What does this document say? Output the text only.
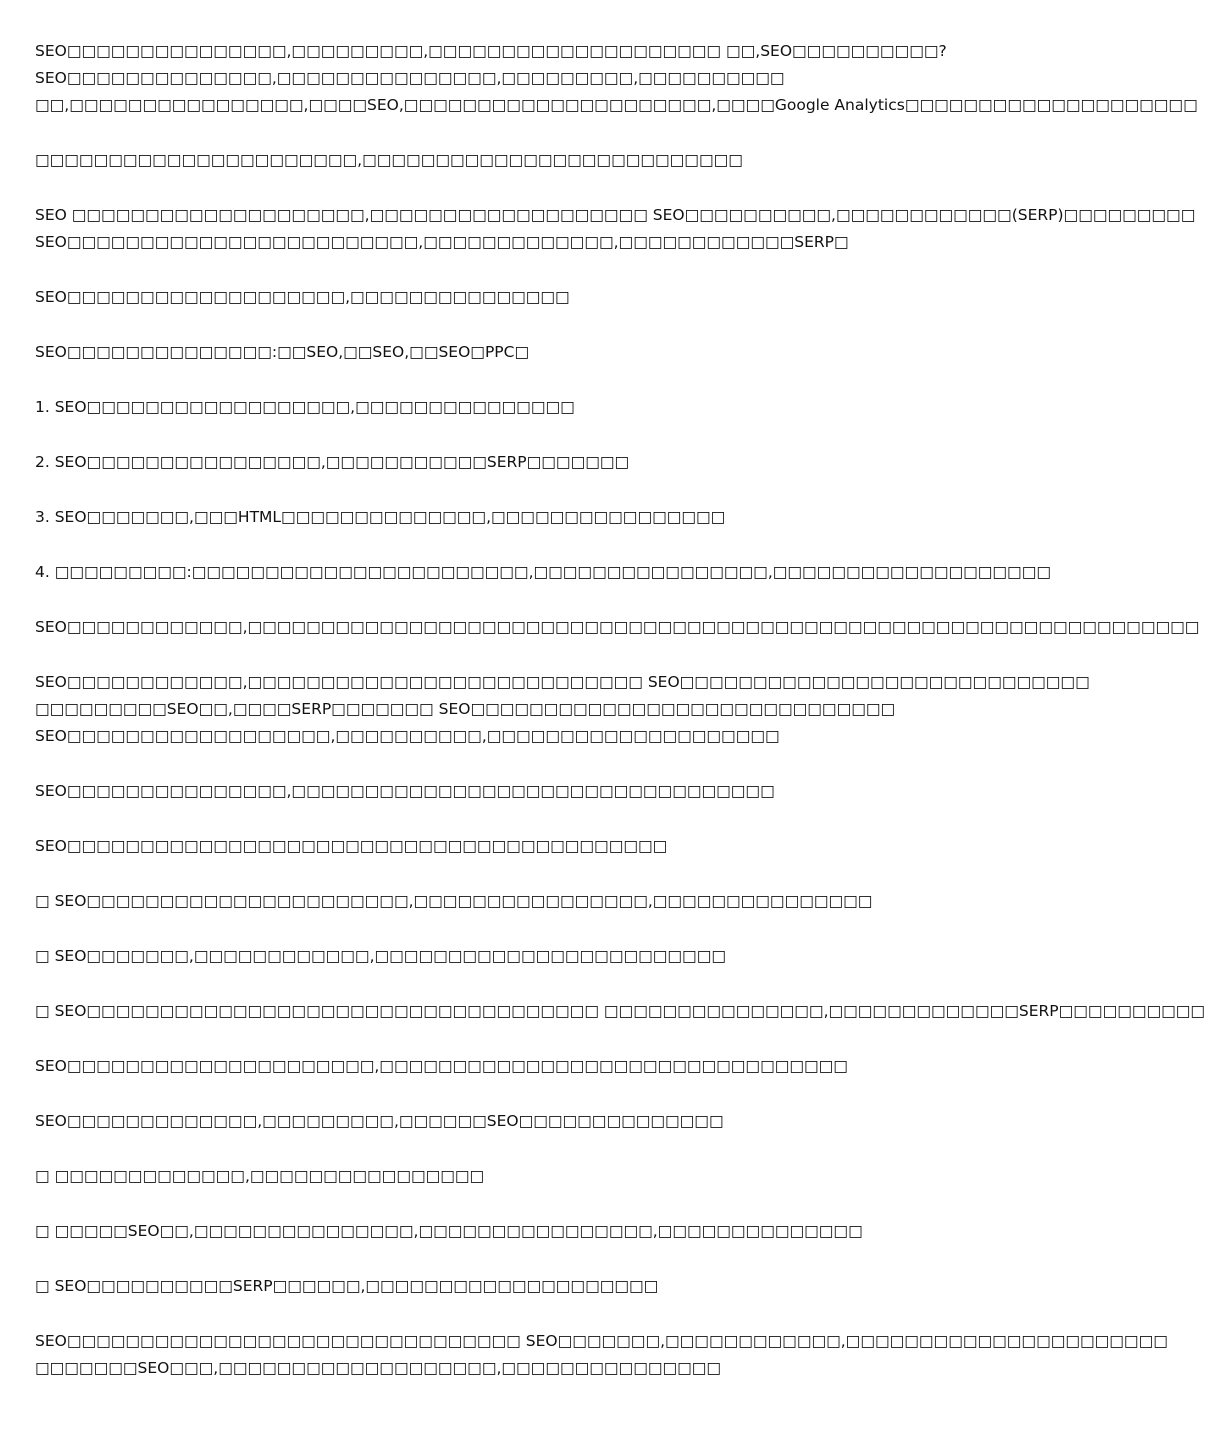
SEO□□□□□□□□□□□□□□□,□□□□□□□□□,□□□□□□□□□□□□□□□□□□□□ □□,SEO□□□□□□□□□□?
SEO□□□□□□□□□□□□□□,□□□□□□□□□□□□□□□,□□□□□□□□□,□□□□□□□□□□
□□,□□□□□□□□□□□□□□□□,□□□□SEO,□□□□□□□□□□□□□□□□□□□□□,□□□□Google Analytics□□□□□□□□□□□□□□□□□□□□

□□□□□□□□□□□□□□□□□□□□□□,□□□□□□□□□□□□□□□□□□□□□□□□□□

SEO □□□□□□□□□□□□□□□□□□□□,□□□□□□□□□□□□□□□□□□□ SEO□□□□□□□□□□,□□□□□□□□□□□□(SERP)□□□□□□□□□
SEO□□□□□□□□□□□□□□□□□□□□□□□□,□□□□□□□□□□□□□,□□□□□□□□□□□□SERP□

SEO□□□□□□□□□□□□□□□□□□□,□□□□□□□□□□□□□□□

SEO□□□□□□□□□□□□□□:□□SEO,□□SEO,□□SEO□PPC□

1. SEO□□□□□□□□□□□□□□□□□□,□□□□□□□□□□□□□□□

2. SEO□□□□□□□□□□□□□□□□,□□□□□□□□□□□SERP□□□□□□□

3. SEO□□□□□□□,□□□HTML□□□□□□□□□□□□□□,□□□□□□□□□□□□□□□□

4. □□□□□□□□□:□□□□□□□□□□□□□□□□□□□□□□□,□□□□□□□□□□□□□□□□,□□□□□□□□□□□□□□□□□□□

SEO□□□□□□□□□□□□,□□□□□□□□□□□□□□□□□□□□□□□□□□□□□□□□□□□□□□□□□□□□□□□□□□□□□□□□□□□□□□□□□

SEO□□□□□□□□□□□□,□□□□□□□□□□□□□□□□□□□□□□□□□□□ SEO□□□□□□□□□□□□□□□□□□□□□□□□□□□□
□□□□□□□□□SEO□□,□□□□SERP□□□□□□□ SEO□□□□□□□□□□□□□□□□□□□□□□□□□□□□□
SEO□□□□□□□□□□□□□□□□□□,□□□□□□□□□□,□□□□□□□□□□□□□□□□□□□□

SEO□□□□□□□□□□□□□□□,□□□□□□□□□□□□□□□□□□□□□□□□□□□□□□□□□

SEO□□□□□□□□□□□□□□□□□□□□□□□□□□□□□□□□□□□□□□□□□

□ SEO□□□□□□□□□□□□□□□□□□□□□□,□□□□□□□□□□□□□□□□,□□□□□□□□□□□□□□□

□ SEO□□□□□□□,□□□□□□□□□□□□,□□□□□□□□□□□□□□□□□□□□□□□□

□ SEO□□□□□□□□□□□□□□□□□□□□□□□□□□□□□□□□□□□ □□□□□□□□□□□□□□□,□□□□□□□□□□□□□SERP□□□□□□□□□□

SEO□□□□□□□□□□□□□□□□□□□□□,□□□□□□□□□□□□□□□□□□□□□□□□□□□□□□□□

SEO□□□□□□□□□□□□□,□□□□□□□□□,□□□□□□SEO□□□□□□□□□□□□□□

□ □□□□□□□□□□□□□,□□□□□□□□□□□□□□□□

□ □□□□□SEO□□,□□□□□□□□□□□□□□□,□□□□□□□□□□□□□□□□,□□□□□□□□□□□□□□

□ SEO□□□□□□□□□□SERP□□□□□□,□□□□□□□□□□□□□□□□□□□□

SEO□□□□□□□□□□□□□□□□□□□□□□□□□□□□□□□ SEO□□□□□□□,□□□□□□□□□□□□,□□□□□□□□□□□□□□□□□□□□□□
□□□□□□□SEO□□□,□□□□□□□□□□□□□□□□□□□,□□□□□□□□□□□□□□□
